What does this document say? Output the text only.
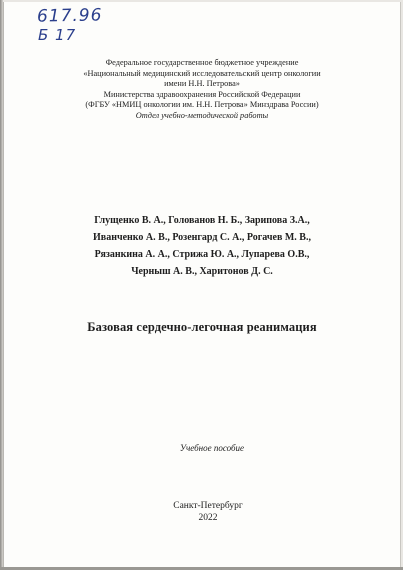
617.96
Б 17
Федеральное государственное бюджетное учреждение
«Национальный медицинский исследовательский центр онкологии
имени Н.Н. Петрова»
Министерства здравоохранения Российской Федерации
(ФГБУ «НМИЦ онкологии им. Н.Н. Петрова» Минздрава России)
Отдел учебно-методической работы
Глущенко В. А., Голованов Н. Б., Зарипова З.А.,
Иванченко А. В., Розенгард С. А., Рогачев М. В.,
Рязанкина А. А., Стрижа Ю. А., Лупарева О.В.,
Черныш А. В., Харитонов Д. С.
Базовая сердечно-легочная реанимация
Учебное пособие
Санкт-Петербург
2022
